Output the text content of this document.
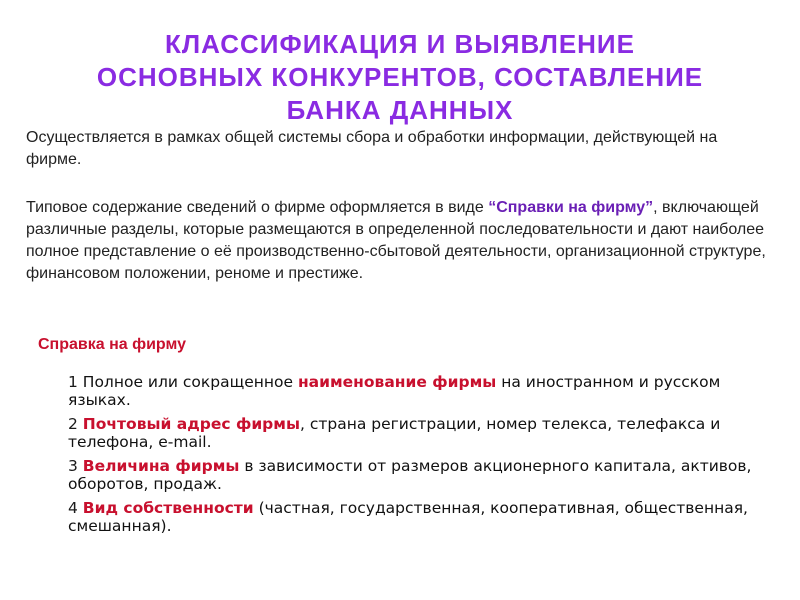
КЛАССИФИКАЦИЯ И ВЫЯВЛЕНИЕ
ОСНОВНЫХ КОНКУРЕНТОВ, СОСТАВЛЕНИЕ
БАНКА ДАННЫХ
Осуществляется в рамках общей системы сбора и обработки информации, действующей на фирме.
Типовое содержание сведений о фирме оформляется в виде “Справки на фирму”, включающей различные разделы, которые размещаются в определенной последовательности и дают наиболее полное представление о её производственно-сбытовой деятельности, организационной структуре, финансовом положении, реноме и престиже.
Справка на фирму
1 Полное или сокращенное наименование фирмы на иностранном и русском языках.
2 Почтовый адрес фирмы, страна регистрации, номер телекса, телефакса и телефона, e-mail.
3 Величина фирмы в зависимости от размеров акционерного капитала, активов, оборотов, продаж.
4 Вид собственности (частная, государственная, кооперативная, общественная, смешанная).
